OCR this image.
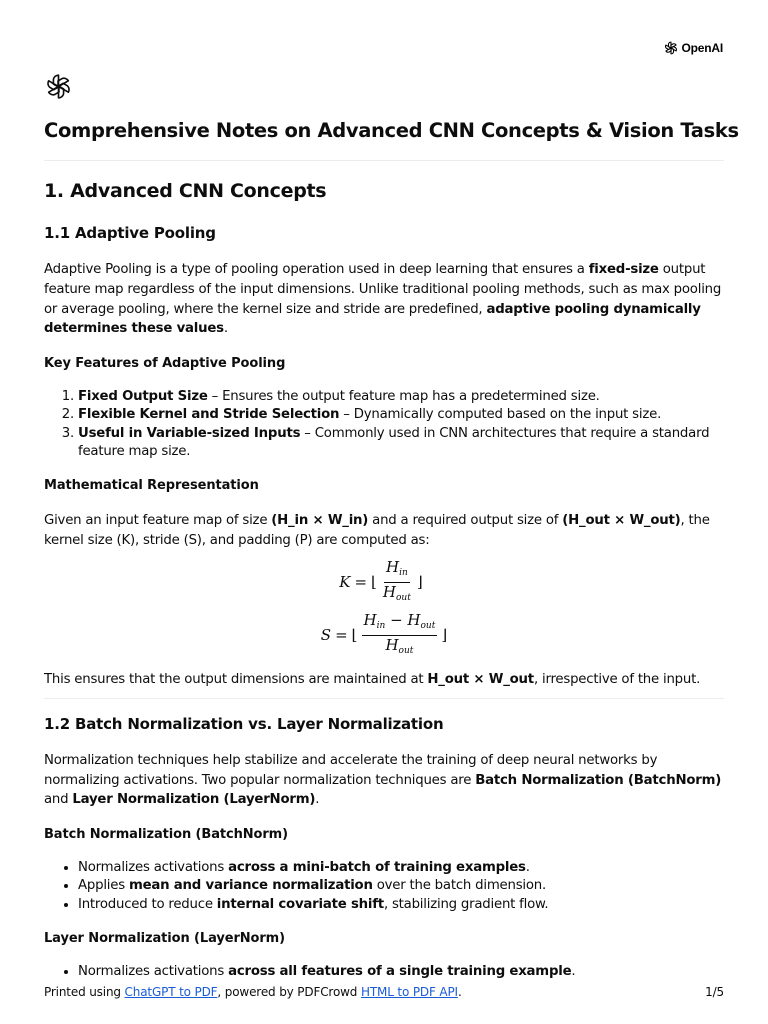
OpenAI
Comprehensive Notes on Advanced CNN Concepts & Vision Tasks
1. Advanced CNN Concepts
1.1 Adaptive Pooling

Adaptive Pooling is a type of pooling operation used in deep learning that ensures a fixed-size output feature map regardless of the input dimensions. Unlike traditional pooling methods, such as max pooling or average pooling, where the kernel size and stride are predefined, adaptive pooling dynamically determines these values.

Key Features of Adaptive Pooling
1. Fixed Output Size – Ensures the output feature map has a predetermined size.
2. Flexible Kernel and Stride Selection – Dynamically computed based on the input size.
3. Useful in Variable-sized Inputs – Commonly used in CNN architectures that require a standard feature map size.
Mathematical Representation

Given an input feature map of size (H_in × W_in) and a required output size of (H_out × W_out), the kernel size (K), stride (S), and padding (P) are computed as:

K = ⌊ $\frac{H_{in}}{H_{out}}$ ⌋
S = ⌊ $\frac{H_{in} - H_{out}}{H_{out}}$ ⌋

This ensures that the output dimensions are maintained at H_out × W_out, irrespective of the input.

1.2 Batch Normalization vs. Layer Normalization

Normalization techniques help stabilize and accelerate the training of deep neural networks by normalizing activations. Two popular normalization techniques are Batch Normalization (BatchNorm) and Layer Normalization (LayerNorm).

Batch Normalization (BatchNorm)
• Normalizes activations across a mini-batch of training examples.
• Applies mean and variance normalization over the batch dimension.
• Introduced to reduce internal covariate shift, stabilizing gradient flow.
Layer Normalization (LayerNorm)
• Normalizes activations across all features of a single training example.
Printed using ChatGPT to PDF, powered by PDFCrowd HTML to PDF API.	1/5
